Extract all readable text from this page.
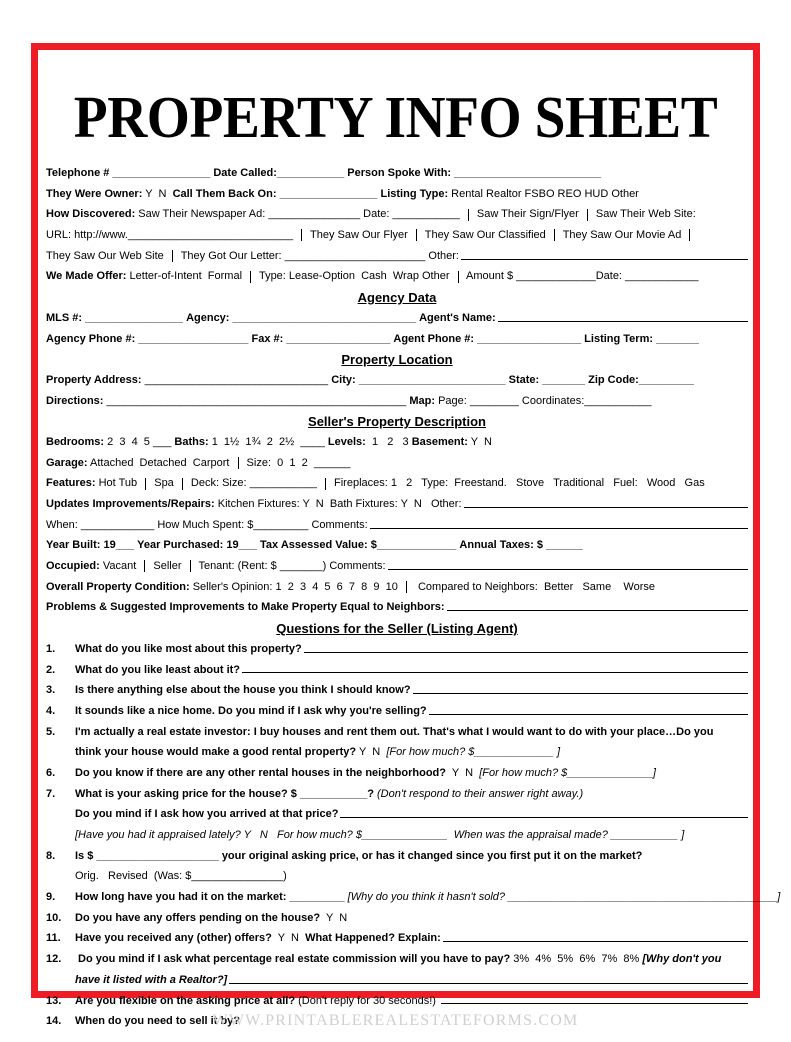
PROPERTY INFO SHEET
Telephone # ________________ Date Called:___________ Person Spoke With: ________________________
They Were Owner: Y  N Call Them Back On: ________________ Listing Type: Rental Realtor FSBO REO HUD Other
How Discovered: Saw Their Newspaper Ad: _______________ Date: ___________ Saw Their Sign/Flyer Saw Their Web Site:
URL: http://www.___________________________ They Saw Our Flyer They Saw Our Classified They Saw Our Movie Ad
They Saw Our Web Site They Got Our Letter: _______________________ Other:
We Made Offer: Letter-of-Intent  Formal Type: Lease-Option  Cash  Wrap Other Amount $ _____________Date: ____________
Agency Data
MLS #: ________________ Agency: ______________________________ Agent's Name:
Agency Phone #: __________________ Fax #: _________________ Agent Phone #: _________________ Listing Term: _______
Property Location
Property Address: ______________________________ City: ________________________ State: _______ Zip Code:_________
Directions: _________________________________________________ Map: Page: ________ Coordinates:___________
Seller's Property Description
Bedrooms: 2  3  4  5 ___ Baths: 1  1½  1¾  2  2½  ____ Levels: 1   2   3 Basement: Y  N
Garage: Attached  Detached  Carport Size:  0  1  2  ______
Features: Hot Tub Spa Deck: Size: ___________ Fireplaces: 1   2   Type:  Freestand.   Stove   Traditional   Fuel:   Wood   Gas
Updates Improvements/Repairs: Kitchen Fixtures: Y  N  Bath Fixtures: Y  N   Other:
When: ____________ How Much Spent: $_________ Comments:
Year Built: 19___ Year Purchased: 19___ Tax Assessed Value: $_____________ Annual Taxes: $ ______
Occupied: Vacant Seller Tenant: (Rent: $ _______) Comments:
Overall Property Condition: Seller's Opinion: 1  2  3  4  5  6  7  8  9  10 Compared to Neighbors:  Better   Same    Worse
Problems & Suggested Improvements to Make Property Equal to Neighbors:
Questions for the Seller (Listing Agent)
1.	What do you like most about this property?
2.	What do you like least about it?
3.	Is there anything else about the house you think I should know?
4.	It sounds like a nice home. Do you mind if I ask why you're selling?
5.	I'm actually a real estate investor: I buy houses and rent them out. That's what I would want to do with your place…Do you
think your house would make a good rental property? Y  N [For how much? $_____________ ]
6.	Do you know if there are any other rental houses in the neighborhood? Y  N [For how much? $______________]
7.	What is your asking price for the house? $ ___________? (Don't respond to their answer right away.)
Do you mind if I ask how you arrived at that price?
[Have you had it appraised lately? Y   N   For how much? $______________  When was the appraisal made? ___________ ]
8.	Is $ ____________________ your original asking price, or has it changed since you first put it on the market?
Orig.   Revised  (Was: $_______________)
9.	How long have you had it on the market: _________ [Why do you think it hasn't sold? ____________________________________________]
10.	Do you have any offers pending on the house? Y  N
11.	Have you received any (other) offers? Y  N What Happened? Explain:
12.	Do you mind if I ask what percentage real estate commission will you have to pay? 3%  4%  5%  6%  7%  8% [Why don't you
have it listed with a Realtor?]
13.	Are you flexible on the asking price at all? (Don't reply for 30 seconds!)
14.	When do you need to sell it by?
WWW.PRINTABLEREALESTATEFORMS.COM
